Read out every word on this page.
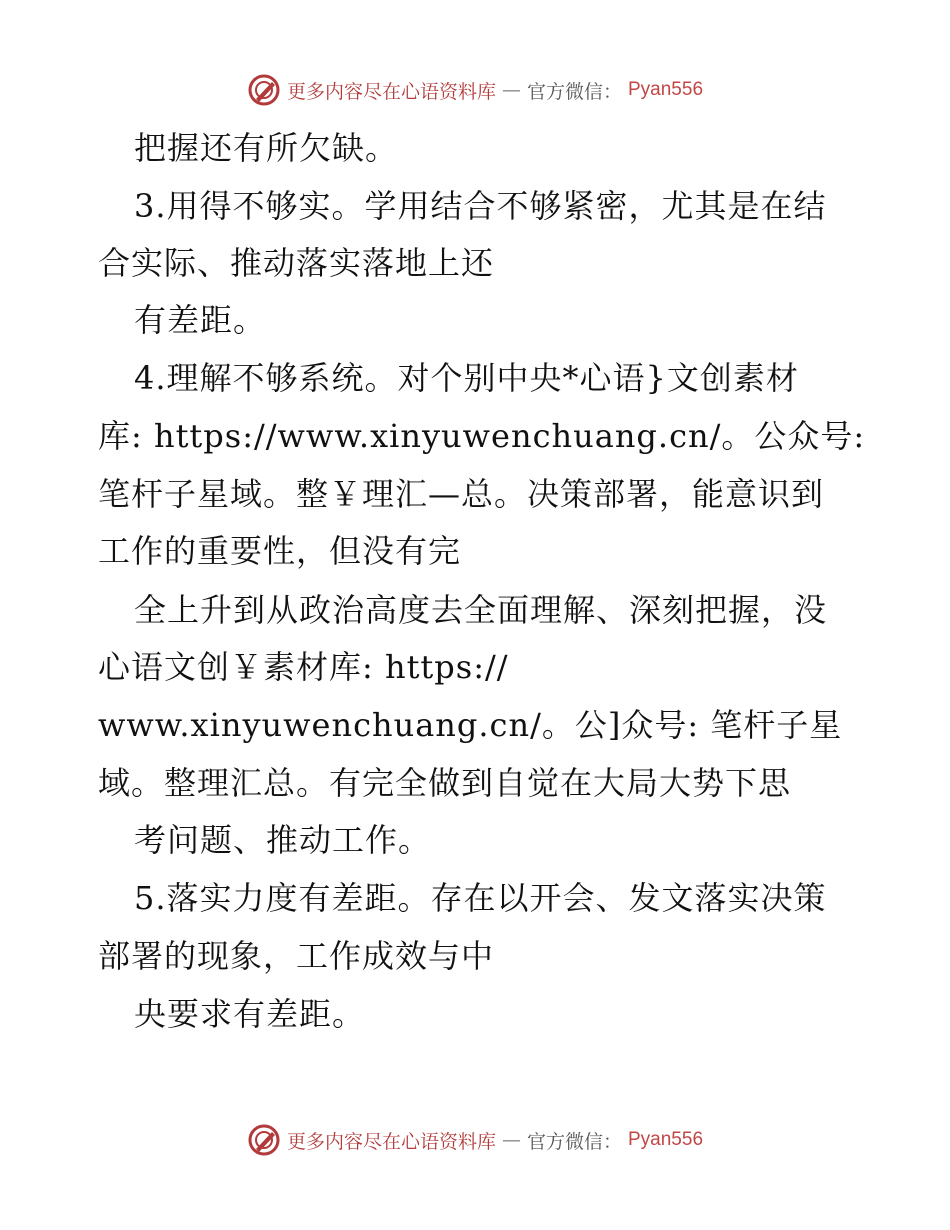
更多内容尽在心语资料库 — 官方微信： Pyan556
把握还有所欠缺。
3.用得不够实。学用结合不够紧密，尤其是在结
合实际、推动落实落地上还
有差距。
4.理解不够系统。对个别中央*心语}文创素材
库: https://www.xinyuwenchuang.cn/。公众号:
笔杆子星域。整￥理汇—总。决策部署，能意识到
工作的重要性，但没有完
全上升到从政治高度去全面理解、深刻把握，没
心语文创￥素材库: https://
www.xinyuwenchuang.cn/。公]众号: 笔杆子星
域。整理汇总。有完全做到自觉在大局大势下思
考问题、推动工作。
5.落实力度有差距。存在以开会、发文落实决策
部署的现象，工作成效与中
央要求有差距。
更多内容尽在心语资料库 — 官方微信： Pyan556
